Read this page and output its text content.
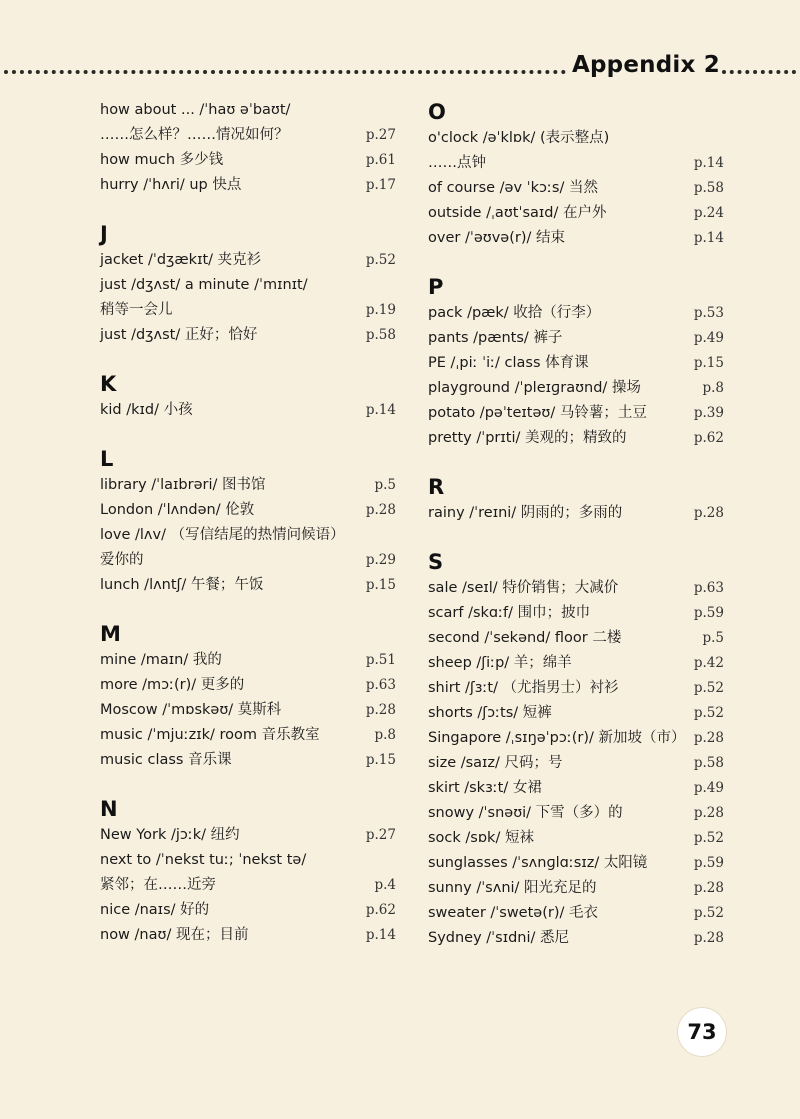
Appendix 2
how about ... /ˈhaʊ əˈbaʊt/
……怎么样？……情况如何？	p.27
how much 多少钱	p.61
hurry /ˈhʌri/ up 快点	p.17
J
jacket /ˈdʒækɪt/ 夹克衫	p.52
just /dʒʌst/ a minute /ˈmɪnɪt/
稍等一会儿	p.19
just /dʒʌst/ 正好；恰好	p.58
K
kid /kɪd/ 小孩	p.14
L
library /ˈlaɪbrəri/ 图书馆	p.5
London /ˈlʌndən/ 伦敦	p.28
love /lʌv/ （写信结尾的热情问候语）
爱你的	p.29
lunch /lʌntʃ/ 午餐；午饭	p.15
M
mine /maɪn/ 我的	p.51
more /mɔː(r)/ 更多的	p.63
Moscow /ˈmɒskəʊ/ 莫斯科	p.28
music /ˈmjuːzɪk/ room 音乐教室	p.8
music class 音乐课	p.15
N
New York /jɔːk/ 纽约	p.27
next to /ˈnekst tuː; ˈnekst tə/
紧邻；在……近旁	p.4
nice /naɪs/ 好的	p.62
now /naʊ/ 现在；目前	p.14
O
o'clock /əˈklɒk/ (表示整点)
……点钟	p.14
of course /əv ˈkɔːs/ 当然	p.58
outside /ˌaʊtˈsaɪd/ 在户外	p.24
over /ˈəʊvə(r)/ 结束	p.14
P
pack /pæk/ 收拾（行李）	p.53
pants /pænts/ 裤子	p.49
PE /ˌpiː ˈiː/ class 体育课	p.15
playground /ˈpleɪɡraʊnd/ 操场	p.8
potato /pəˈteɪtəʊ/ 马铃薯；土豆	p.39
pretty /ˈprɪti/ 美观的；精致的	p.62
R
rainy /ˈreɪni/ 阴雨的；多雨的	p.28
S
sale /seɪl/ 特价销售；大减价	p.63
scarf /skɑːf/ 围巾；披巾	p.59
second /ˈsekənd/ floor 二楼	p.5
sheep /ʃiːp/ 羊；绵羊	p.42
shirt /ʃɜːt/ （尤指男士）衬衫	p.52
shorts /ʃɔːts/ 短裤	p.52
Singapore /ˌsɪŋəˈpɔː(r)/ 新加坡（市） p.28
size /saɪz/ 尺码；号	p.58
skirt /skɜːt/ 女裙	p.49
snowy /ˈsnəʊi/ 下雪（多）的	p.28
sock /sɒk/ 短袜	p.52
sunglasses /ˈsʌnɡlɑːsɪz/ 太阳镜	p.59
sunny /ˈsʌni/ 阳光充足的	p.28
sweater /ˈswetə(r)/ 毛衣	p.52
Sydney /ˈsɪdni/ 悉尼	p.28
73
